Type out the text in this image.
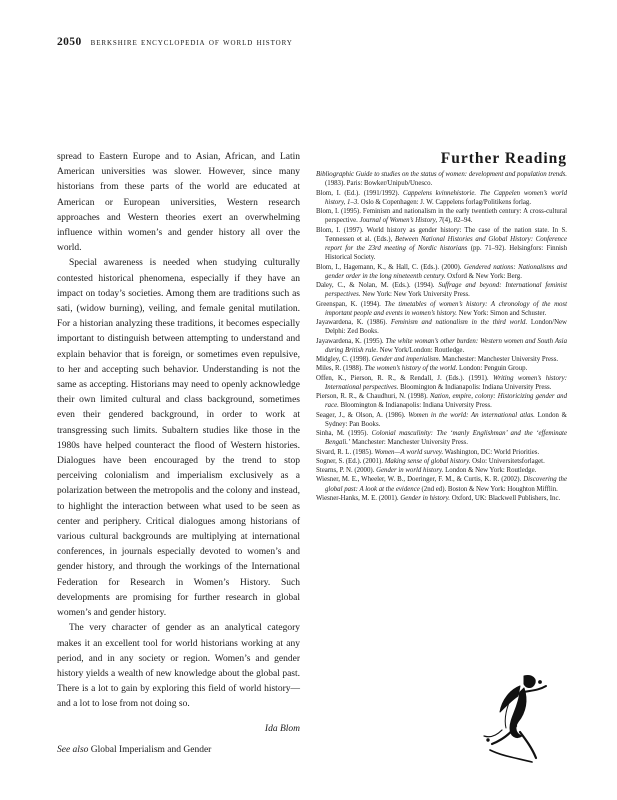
2050 berkshire encyclopedia of world history

spread to Eastern Europe and to Asian, African, and Latin American universities was slower. However, since many historians from these parts of the world are educated at American or European universities, Western research approaches and Western theories exert an overwhelming influence within women’s and gender history all over the world.

Special awareness is needed when studying culturally contested historical phenomena, especially if they have an impact on today’s societies. Among them are traditions such as sati, (widow burning), veiling, and female genital mutilation. For a historian analyzing these traditions, it becomes especially important to distinguish between attempting to understand and explain behavior that is foreign, or sometimes even repulsive, to her and accepting such behavior. Understanding is not the same as accepting. Historians may need to openly acknowledge their own limited cultural and class background, sometimes even their gendered background, in order to work at transgressing such limits. Subaltern studies like those in the 1980s have helped counteract the flood of Western histories. Dialogues have been encouraged by the trend to stop perceiving colonialism and imperialism exclusively as a polarization between the metropolis and the colony and instead, to highlight the interaction between what used to be seen as center and periphery. Critical dialogues among historians of various cultural backgrounds are multiplying at international conferences, in journals especially devoted to women’s and gender history, and through the workings of the International Federation for Research in Women’s History. Such developments are promising for further research in global women’s and gender history.

The very character of gender as an analytical category makes it an excellent tool for world historians working at any period, and in any society or region. Women’s and gender history yields a wealth of new knowledge about the global past. There is a lot to gain by exploring this field of world history—and a lot to lose from not doing so.

Ida Blom

See also Global Imperialism and Gender

Further Reading

Bibliographic Guide to studies on the status of women: development and population trends. (1983). Paris: Bowker/Unipub/Unesco.

Blom, I. (Ed.). (1991/1992). Cappelens kvinnehistorie. The Cappelen women’s world history, 1–3. Oslo & Copenhagen: J. W. Cappelens forlag/Politikens forlag.

Blom, I. (1995). Feminism and nationalism in the early twentieth century: A cross-cultural perspective. Journal of Women’s History, 7(4), 82–94.

Blom, I. (1997). World history as gender history: The case of the nation state. In S. Tønnessen et al. (Eds.), Between National Histories and Global History: Conference report for the 23rd meeting of Nordic historians (pp. 71–92). Helsingfors: Finnish Historical Society.

Blom, I., Hagemann, K., & Hall, C. (Eds.). (2000). Gendered nations: Nationalisms and gender order in the long nineteenth century. Oxford & New York: Berg.

Daley, C., & Nolan, M. (Eds.). (1994). Suffrage and beyond: International feminist perspectives. New York: New York University Press.

Greenspan, K. (1994). The timetables of women’s history: A chronology of the most important people and events in women’s history. New York: Simon and Schuster.

Jayawardena, K. (1986). Feminism and nationalism in the third world. London/New Delphi: Zed Books.

Jayawardena, K. (1995). The white woman’s other burden: Western women and South Asia during British rule. New York/London: Routledge.

Midgley, C. (1998). Gender and imperialism. Manchester: Manchester University Press.

Miles, R. (1988). The women’s history of the world. London: Penguin Group.

Offen, K., Pierson, R. R., & Rendall, J. (Eds.). (1991). Writing women’s history: International perspectives. Bloomington & Indianapolis: Indiana University Press.

Pierson, R. R., & Chaudhuri, N. (1998). Nation, empire, colony: Historicizing gender and race. Bloomington & Indianapolis: Indiana University Press.

Seager, J., & Olson, A. (1986). Women in the world: An international atlas. London & Sydney: Pan Books.

Sinha, M. (1995). Colonial masculinity: The ‘manly Englishman’ and the ‘effeminate Bengali.’ Manchester: Manchester University Press.

Sivard, R. L. (1985). Women—A world survey. Washington, DC: World Priorities.

Sogner, S. (Ed.). (2001). Making sense of global history. Oslo: Universitetsforlaget.

Stearns, P. N. (2000). Gender in world history. London & New York: Routledge.

Wiesner, M. E., Wheeler, W. B., Doeringer, F. M., & Curtis, K. R. (2002). Discovering the global past: A look at the evidence (2nd ed). Boston & New York: Houghton Mifflin.

Wiesner-Hanks, M. E. (2001). Gender in history. Oxford, UK: Blackwell Publishers, Inc.
